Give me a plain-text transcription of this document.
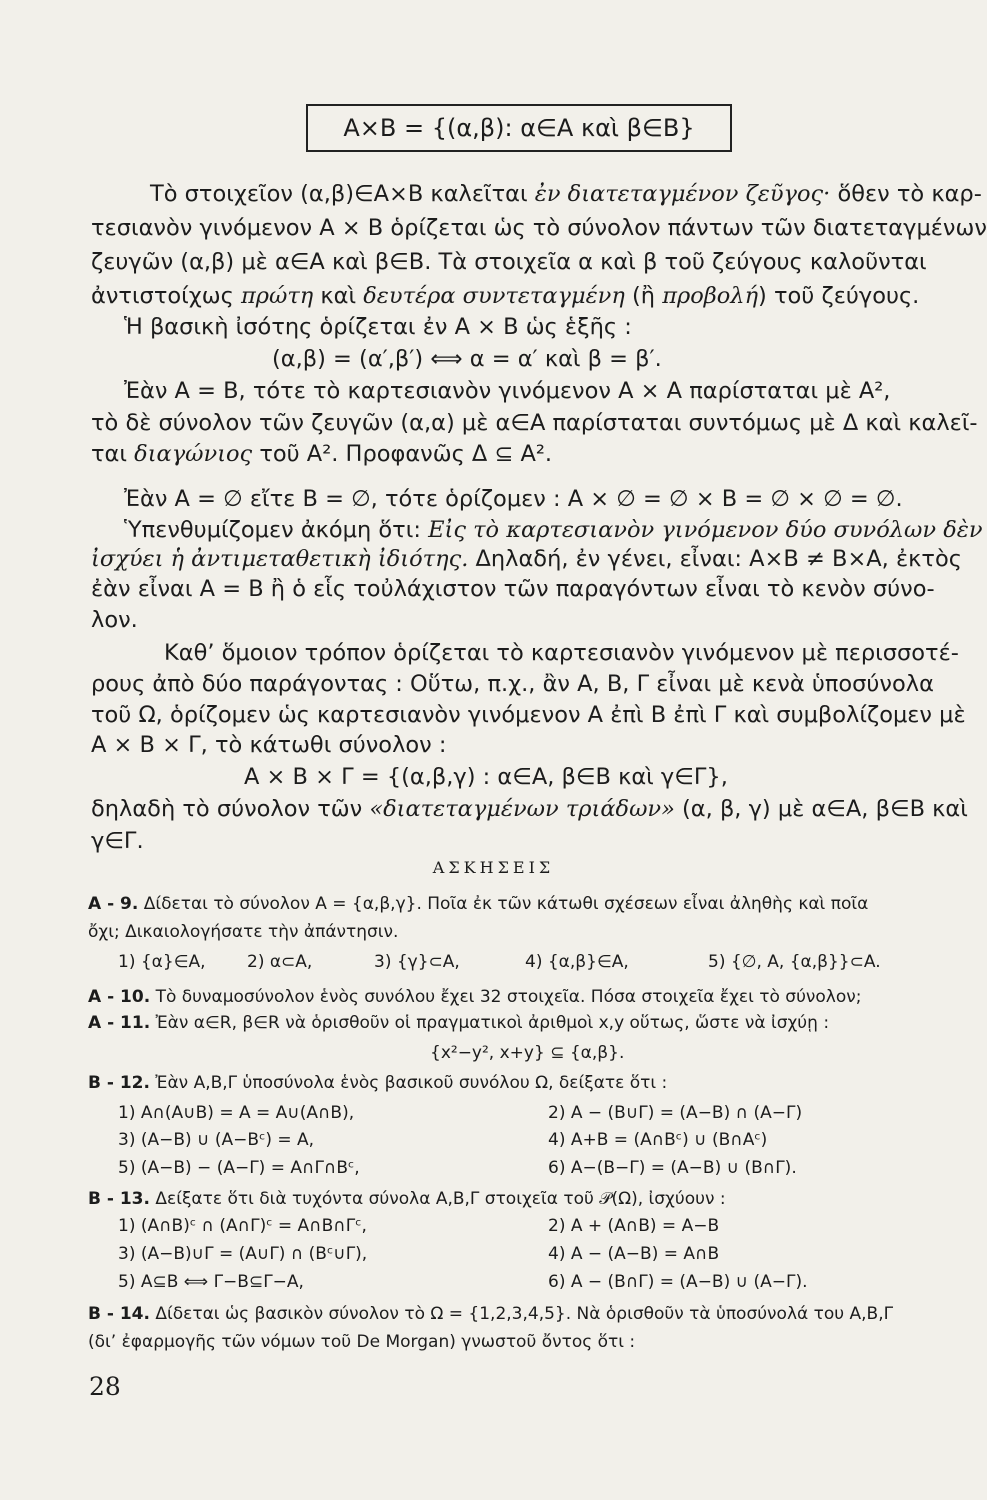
A×B = {(α,β): α∈A καὶ β∈B}
Τὸ στοιχεῖον (α,β)∈A×B καλεῖται ἐν διατεταγμένον ζεῦγος· ὅθεν τὸ καρ-
τεσιανὸν γινόμενον A × B ὁρίζεται ὡς τὸ σύνολον πάντων τῶν διατεταγμένων
ζευγῶν (α,β) μὲ α∈A καὶ β∈B. Τὰ στοιχεῖα α καὶ β τοῦ ζεύγους καλοῦνται
ἀντιστοίχως πρώτη καὶ δευτέρα συντεταγμένη (ἢ προβολή) τοῦ ζεύγους.
Ἡ βασικὴ ἰσότης ὁρίζεται ἐν A × B ὡς ἑξῆς :
(α,β) = (α′,β′) ⟺ α = α′ καὶ β = β′.
Ἐὰν A = B, τότε τὸ καρτεσιανὸν γινόμενον A × A παρίσταται μὲ A²,
τὸ δὲ σύνολον τῶν ζευγῶν (α,α) μὲ α∈A παρίσταται συντόμως μὲ Δ καὶ καλεῖ-
ται διαγώνιος τοῦ A². Προφανῶς Δ ⊆ A².
Ἐὰν A = ∅ εἴτε B = ∅, τότε ὁρίζομεν : A × ∅ = ∅ × B = ∅ × ∅ = ∅.
Ὑπενθυμίζομεν ἀκόμη ὅτι: Εἰς τὸ καρτεσιανὸν γινόμενον δύο συνόλων δὲν
ἰσχύει ἡ ἀντιμεταθετικὴ ἰδιότης. Δηλαδή, ἐν γένει, εἶναι: A×B ≠ B×A, ἐκτὸς
ἐὰν εἶναι A = B ἢ ὁ εἷς τοὐλάχιστον τῶν παραγόντων εἶναι τὸ κενὸν σύνο-
λον.
Καθ’ ὅμοιον τρόπον ὁρίζεται τὸ καρτεσιανὸν γινόμενον μὲ περισσοτέ-
ρους ἀπὸ δύο παράγοντας : Οὕτω, π.χ., ἂν A, B, Γ εἶναι μὲ κενὰ ὑποσύνολα
τοῦ Ω, ὁρίζομεν ὡς καρτεσιανὸν γινόμενον A ἐπὶ B ἐπὶ Γ καὶ συμβολίζομεν μὲ
A × B × Γ, τὸ κάτωθι σύνολον :
A × B × Γ = {(α,β,γ) : α∈A, β∈B καὶ γ∈Γ},
δηλαδὴ τὸ σύνολον τῶν «διατεταγμένων τριάδων» (α, β, γ) μὲ α∈A, β∈B καὶ
γ∈Γ.
ΑΣΚΗΣΕΙΣ
Α - 9. Δίδεται τὸ σύνολον A = {α,β,γ}. Ποῖα ἐκ τῶν κάτωθι σχέσεων εἶναι ἀληθὴς καὶ ποῖα
ὄχι; Δικαιολογήσατε τὴν ἀπάντησιν.
1) {α}∈A, 2) α⊂A,	3) {γ}⊂A,	4) {α,β}∈A,	5) {∅, A, {α,β}}⊂A.
Α - 10. Τὸ δυναμοσύνολον ἑνὸς συνόλου ἔχει 32 στοιχεῖα. Πόσα στοιχεῖα ἔχει τὸ σύνολον;
Α - 11. Ἐὰν α∈R, β∈R νὰ ὁρισθοῦν οἱ πραγματικοὶ ἀριθμοὶ x,y οὕτως, ὥστε νὰ ἰσχύῃ :
{x²−y², x+y} ⊆ {α,β}.
Β - 12. Ἐὰν A,B,Γ ὑποσύνολα ἑνὸς βασικοῦ συνόλου Ω, δείξατε ὅτι :
1) A∩(A∪B) = A = A∪(A∩B),	2) A − (B∪Γ) = (A−B) ∩ (A−Γ)
3) (A−B) ∪ (A−Bᶜ) = A,	4) A+B = (A∩Bᶜ) ∪ (B∩Aᶜ)
5) (A−B) − (A−Γ) = A∩Γ∩Bᶜ,	6) A−(B−Γ) = (A−B) ∪ (B∩Γ).
Β - 13. Δείξατε ὅτι διὰ τυχόντα σύνολα A,B,Γ στοιχεῖα τοῦ 𝒫(Ω), ἰσχύουν :
1) (A∩B)ᶜ ∩ (A∩Γ)ᶜ = A∩B∩Γᶜ,	2) A + (A∩B) = A−B
3) (A−B)∪Γ = (A∪Γ) ∩ (Bᶜ∪Γ),	4) A − (A−B) = A∩B
5) A⊆B ⟺ Γ−B⊆Γ−A,	6) A − (B∩Γ) = (A−B) ∪ (A−Γ).
Β - 14. Δίδεται ὡς βασικὸν σύνολον τὸ Ω = {1,2,3,4,5}. Νὰ ὁρισθοῦν τὰ ὑποσύνολά του A,B,Γ
(δι’ ἐφαρμογῆς τῶν νόμων τοῦ De Morgan) γνωστοῦ ὄντος ὅτι :
28
